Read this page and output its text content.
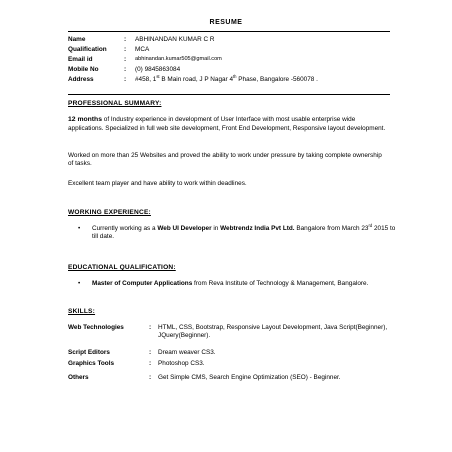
RESUME
Name	: ABHINANDAN KUMAR C R
Qualification	: MCA
Email id	: abhinandan.kumar505@gmail.com
Mobile No	: (0) 9845863084
Address	: #458, 1st B Main road, J P Nagar 4th Phase, Bangalore -560078 .
PROFESSIONAL SUMMARY:
12 months of Industry experience in development of User Interface with most usable enterprise wide applications. Specialized in full web site development, Front End Development, Responsive layout development.
Worked on more than 25 Websites and proved the ability to work under pressure by taking complete ownership of tasks.
Excellent team player and have ability to work within deadlines.
WORKING EXPERIENCE:
• Currently working as a Web UI Developer in Webtrendz India Pvt Ltd. Bangalore from March 23rd 2015 to till date.
EDUCATIONAL QUALIFICATION:
• Master of Computer Applications from Reva Institute of Technology & Management, Bangalore.
SKILLS:
Web Technologies	: HTML, CSS, Bootstrap, Responsive Layout Development, Java Script(Beginner), JQuery(Beginner).
Script Editors	: Dream weaver CS3.
Graphics Tools	: Photoshop CS3.
Others	: Get Simple CMS, Search Engine Optimization (SEO) - Beginner.
